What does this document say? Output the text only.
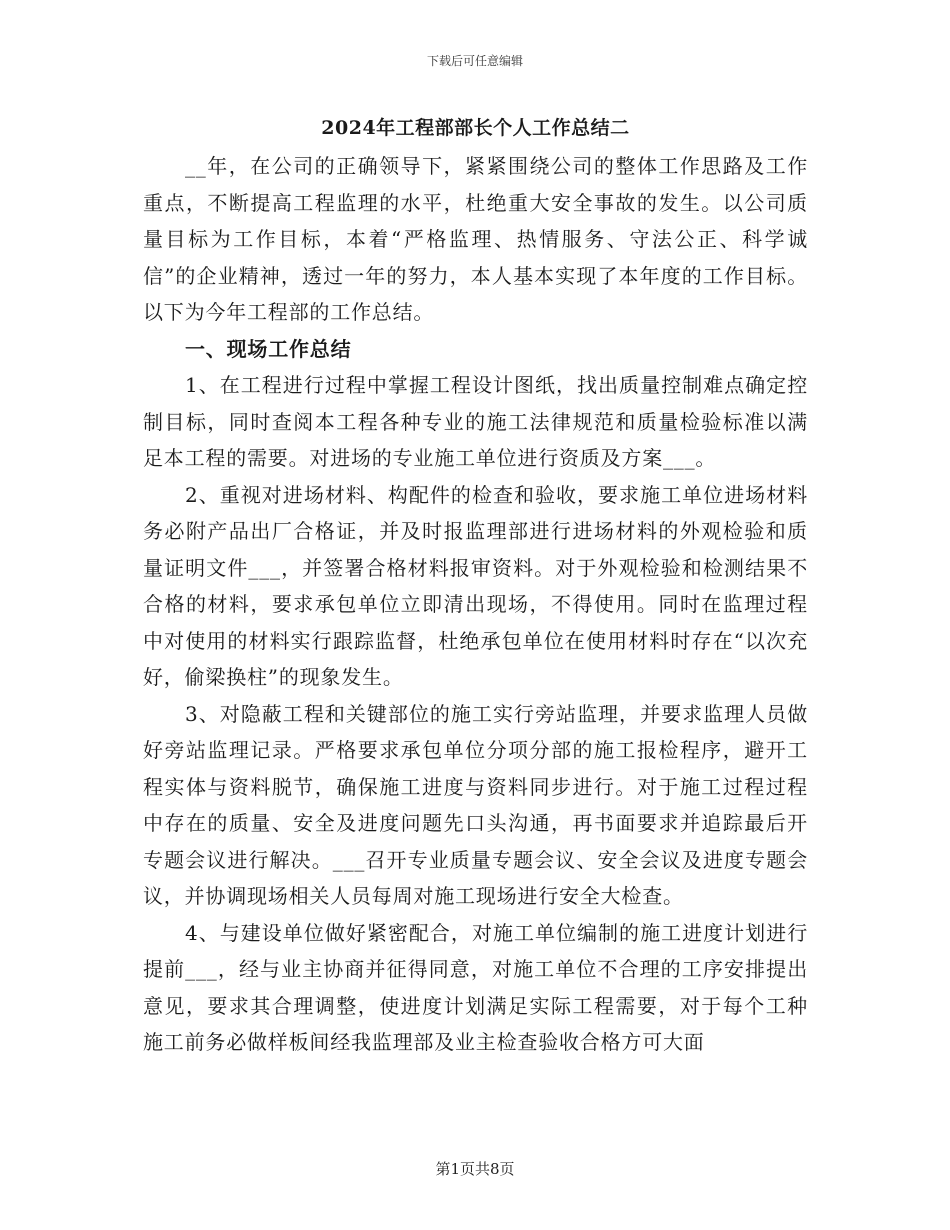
下载后可任意编辑
2024年工程部部长个人工作总结二

__年，在公司的正确领导下，紧紧围绕公司的整体工作思路及工作重点，不断提高工程监理的水平，杜绝重大安全事故的发生。以公司质量目标为工作目标，本着“严格监理、热情服务、守法公正、科学诚信”的企业精神，透过一年的努力，本人基本实现了本年度的工作目标。以下为今年工程部的工作总结。

一、现场工作总结

1、在工程进行过程中掌握工程设计图纸，找出质量控制难点确定控制目标，同时查阅本工程各种专业的施工法律规范和质量检验标准以满足本工程的需要。对进场的专业施工单位进行资质及方案___。

2、重视对进场材料、构配件的检查和验收，要求施工单位进场材料务必附产品出厂合格证，并及时报监理部进行进场材料的外观检验和质量证明文件___，并签署合格材料报审资料。对于外观检验和检测结果不合格的材料，要求承包单位立即清出现场，不得使用。同时在监理过程中对使用的材料实行跟踪监督，杜绝承包单位在使用材料时存在“以次充好，偷梁换柱”的现象发生。

3、对隐蔽工程和关键部位的施工实行旁站监理，并要求监理人员做好旁站监理记录。严格要求承包单位分项分部的施工报检程序，避开工程实体与资料脱节，确保施工进度与资料同步进行。对于施工过程过程中存在的质量、安全及进度问题先口头沟通，再书面要求并追踪最后开专题会议进行解决。___召开专业质量专题会议、安全会议及进度专题会议，并协调现场相关人员每周对施工现场进行安全大检查。

4、与建设单位做好紧密配合，对施工单位编制的施工进度计划进行提前___，经与业主协商并征得同意，对施工单位不合理的工序安排提出意见，要求其合理调整，使进度计划满足实际工程需要，对于每个工种施工前务必做样板间经我监理部及业主检查验收合格方可大面

第1页共8页
